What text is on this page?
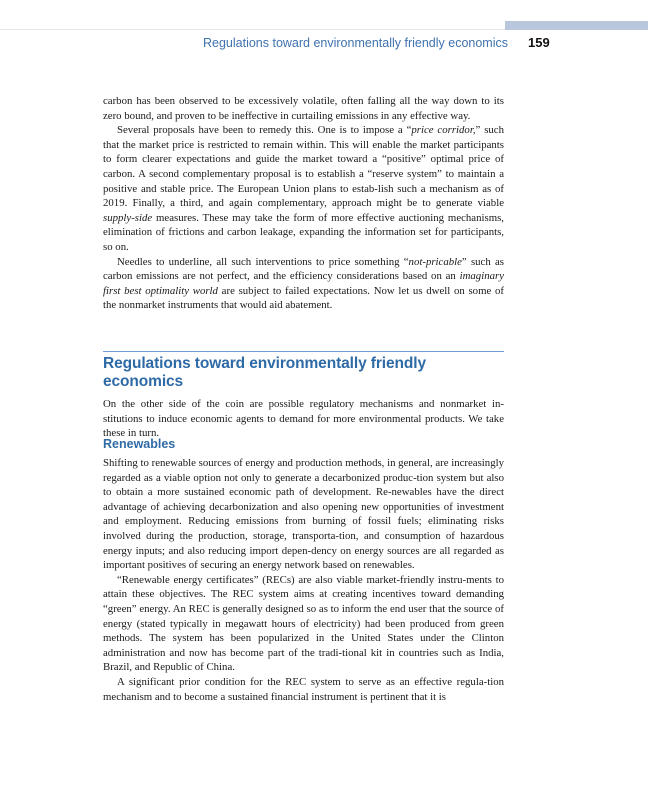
Regulations toward environmentally friendly economics 159

carbon has been observed to be excessively volatile, often falling all the way down to its zero bound, and proven to be ineffective in curtailing emissions in any effective way.

Several proposals have been to remedy this. One is to impose a “price corridor,” such that the market price is restricted to remain within. This will enable the market participants to form clearer expectations and guide the market toward a “positive” optimal price of carbon. A second complementary proposal is to establish a “reserve system” to maintain a positive and stable price. The European Union plans to estab-lish such a mechanism as of 2019. Finally, a third, and again complementary, approach might be to generate viable supply-side measures. These may take the form of more effective auctioning mechanisms, elimination of frictions and carbon leakage, expanding the information set for participants, so on.

Needles to underline, all such interventions to price something “not-pricable” such as carbon emissions are not perfect, and the efficiency considerations based on an imaginary first best optimality world are subject to failed expectations. Now let us dwell on some of the nonmarket instruments that would aid abatement.

Regulations toward environmentally friendly economics

On the other side of the coin are possible regulatory mechanisms and nonmarket in-stitutions to induce economic agents to demand for more environmental products. We take these in turn.

Renewables

Shifting to renewable sources of energy and production methods, in general, are increasingly regarded as a viable option not only to generate a decarbonized produc-tion system but also to obtain a more sustained economic path of development. Re-newables have the direct advantage of achieving decarbonization and also opening new opportunities of investment and employment. Reducing emissions from burning of fossil fuels; eliminating risks involved during the production, storage, transporta-tion, and consumption of hazardous energy inputs; and also reducing import depen-dency on energy sources are all regarded as important positives of securing an energy network based on renewables.

“Renewable energy certificates” (RECs) are also viable market-friendly instru-ments to attain these objectives. The REC system aims at creating incentives toward demanding “green” energy. An REC is generally designed so as to inform the end user that the source of energy (stated typically in megawatt hours of electricity) had been produced from green methods. The system has been popularized in the United States under the Clinton administration and now has become part of the tradi-tional kit in countries such as India, Brazil, and Republic of China.

A significant prior condition for the REC system to serve as an effective regula-tion mechanism and to become a sustained financial instrument is pertinent that it is
